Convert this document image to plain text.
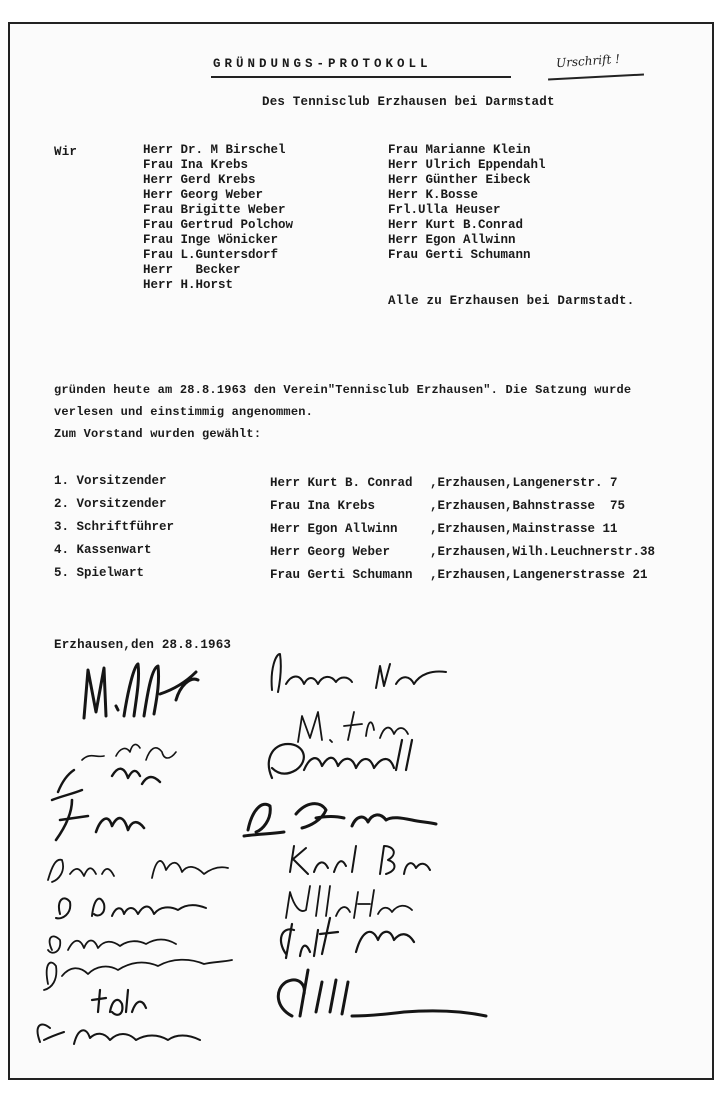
GRÜNDUNGS-PROTOKOLL	Urschrift !
Des Tennisclub Erzhausen bei Darmstadt
Wir	Herr Dr. M Birschel
Frau Ina Krebs
Herr Gerd Krebs
Herr Georg Weber
Frau Brigitte Weber
Frau Gertrud Polchow
Frau Inge Wönicker
Frau L.Guntersdorf
Herr   Becker
Herr H.Horst
Frau Marianne Klein
Herr Ulrich Eppendahl
Herr Günther Eibeck
Herr K.Bosse
Frl.Ulla Heuser
Herr Kurt B.Conrad
Herr Egon Allwinn
Frau Gerti Schumann
Alle zu Erzhausen bei Darmstadt.
gründen heute am 28.8.1963 den Verein"Tennisclub Erzhausen". Die Satzung wurde
verlesen und einstimmig angenommen.
Zum Vorstand wurden gewählt:
1. Vorsitzender
2. Vorsitzender
3. Schriftführer
4. Kassenwart
5. Spielwart
Herr Kurt B. Conrad
Frau Ina Krebs
Herr Egon Allwinn
Herr Georg Weber
Frau Gerti Schumann
,Erzhausen,Langenerstr. 7
,Erzhausen,Bahnstrasse  75
,Erzhausen,Mainstrasse 11
,Erzhausen,Wilh.Leuchnerstr.38
,Erzhausen,Langenerstrasse 21
Erzhausen,den 28.8.1963
